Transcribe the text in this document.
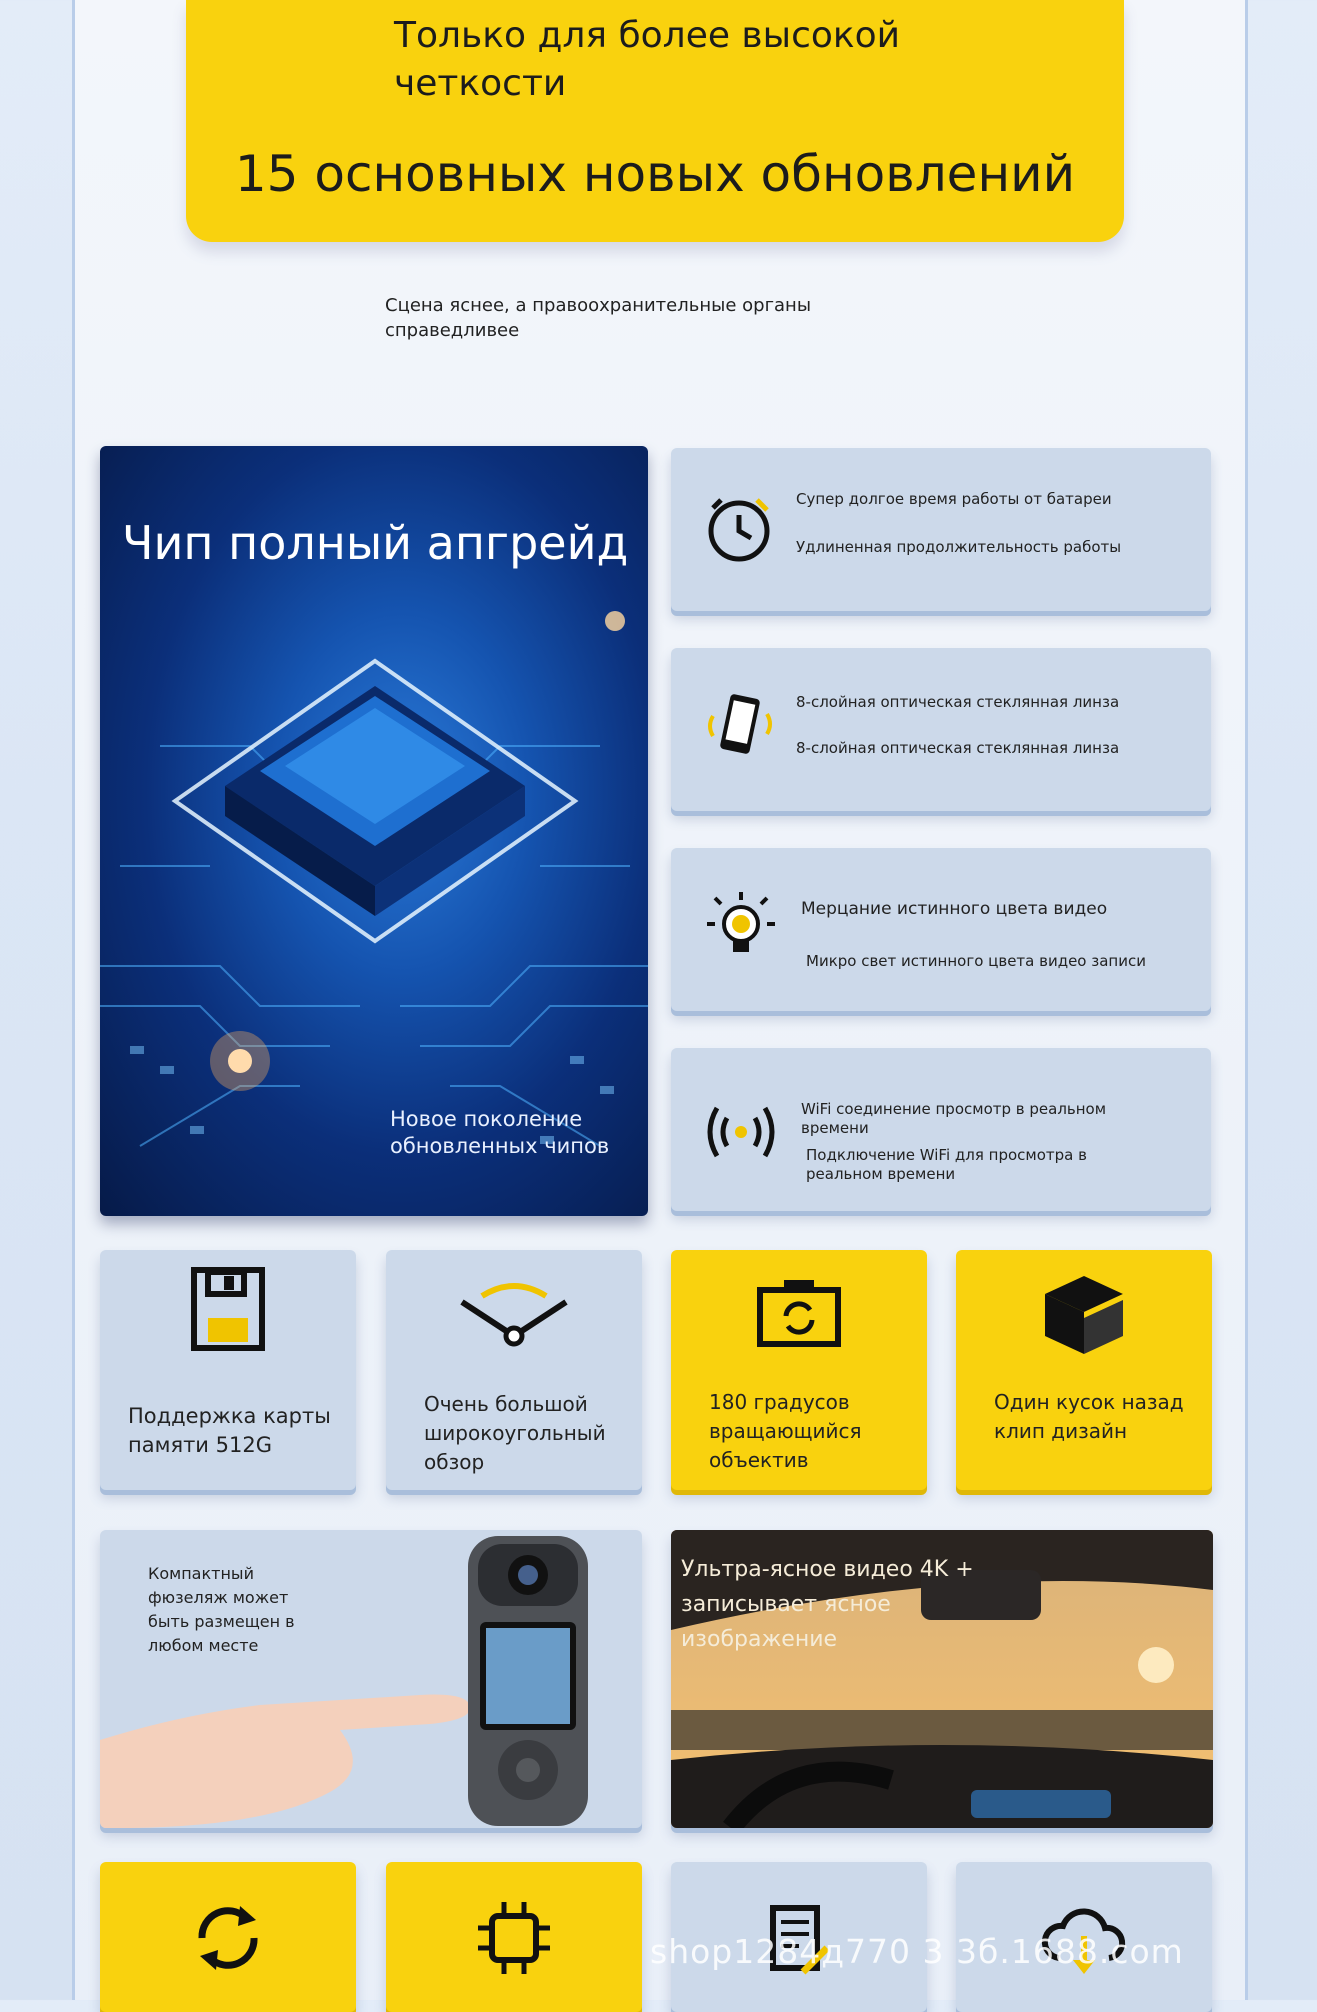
Только для более высокой четкости
15 основных новых обновлений
Сцена яснее, а правоохранительные органы справедливее
Чип полный апгрейд
Новое поколение обновленных чипов
Супер долгое время работы от батареи
Удлиненная продолжительность работы
8-слойная оптическая стеклянная линза
8-слойная оптическая стеклянная линза
Мерцание истинного цвета видео
Микро свет истинного цвета видео записи
WiFi соединение просмотр в реальном времени
Подключение WiFi для просмотра в реальном времени
Поддержка карты памяти 512G
Очень большой широкоугольный обзор
180 градусов вращающийся объектив
Один кусок назад клип дизайн
Компактный фюзеляж может быть размещен в любом месте
Ультра-ясное видео 4K + записывает ясное изображение
shop1284д770 3 3б.1688.com
